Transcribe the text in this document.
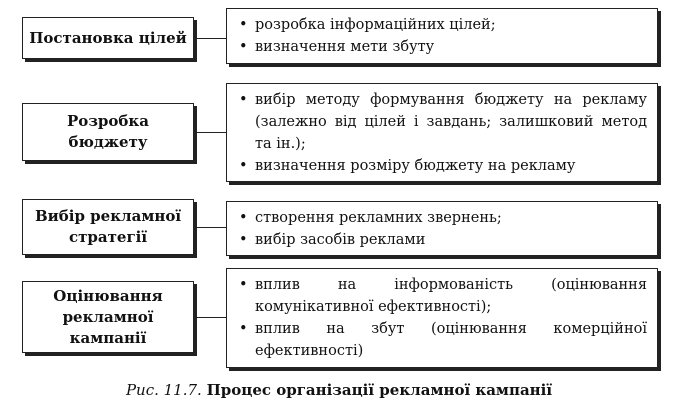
Постановка цілей
• розробка інформаційних цілей;
• визначення мети збуту
Розробка бюджету
• вибір методу формування бюджету на рекламу (залежно від цілей і завдань; залишковий метод та ін.);
• визначення розміру бюджету на рекламу
Вибір рекламної стратегії
• створення рекламних звернень;
• вибір засобів реклами
Оцінювання рекламної кампанії
• вплив на інформованість (оцінювання комунікативної ефективності);
• вплив на збут (оцінювання комерційної ефективності)
Рис. 11.7. Процес організації рекламної кампанії
